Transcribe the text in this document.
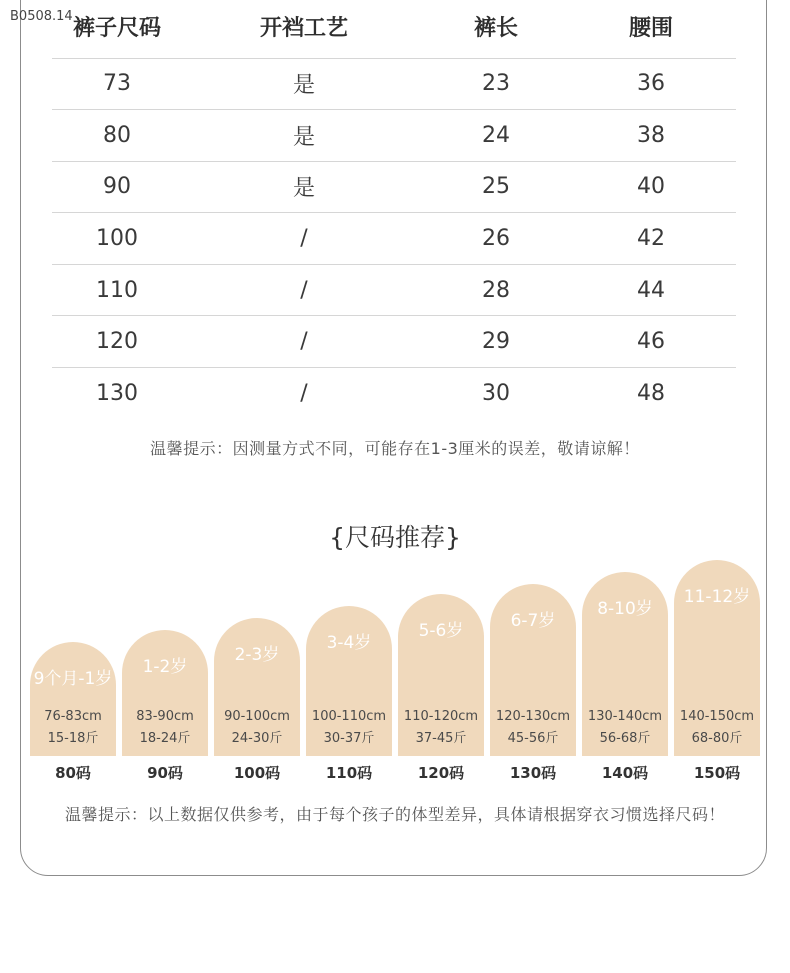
B0508.14 裤子尺码	开裆工艺	裤长	腰围
73	是	23	36
80	是	24	38
90	是	25	40
100	/	26	42
110	/	28	44
120	/	29	46
130	/	30	48
温馨提示：因测量方式不同，可能存在1-3厘米的误差，敬请谅解！
{尺码推荐}
9个月-1岁
76-83cm
15-18斤
1-2岁
83-90cm
18-24斤
2-3岁
90-100cm
24-30斤
3-4岁
100-110cm
30-37斤
5-6岁
110-120cm
37-45斤
6-7岁
120-130cm
45-56斤
8-10岁
130-140cm
56-68斤
11-12岁
140-150cm
68-80斤
80码	90码	100码	110码	120码	130码	140码	150码
温馨提示：以上数据仅供参考，由于每个孩子的体型差异，具体请根据穿衣习惯选择尺码！
